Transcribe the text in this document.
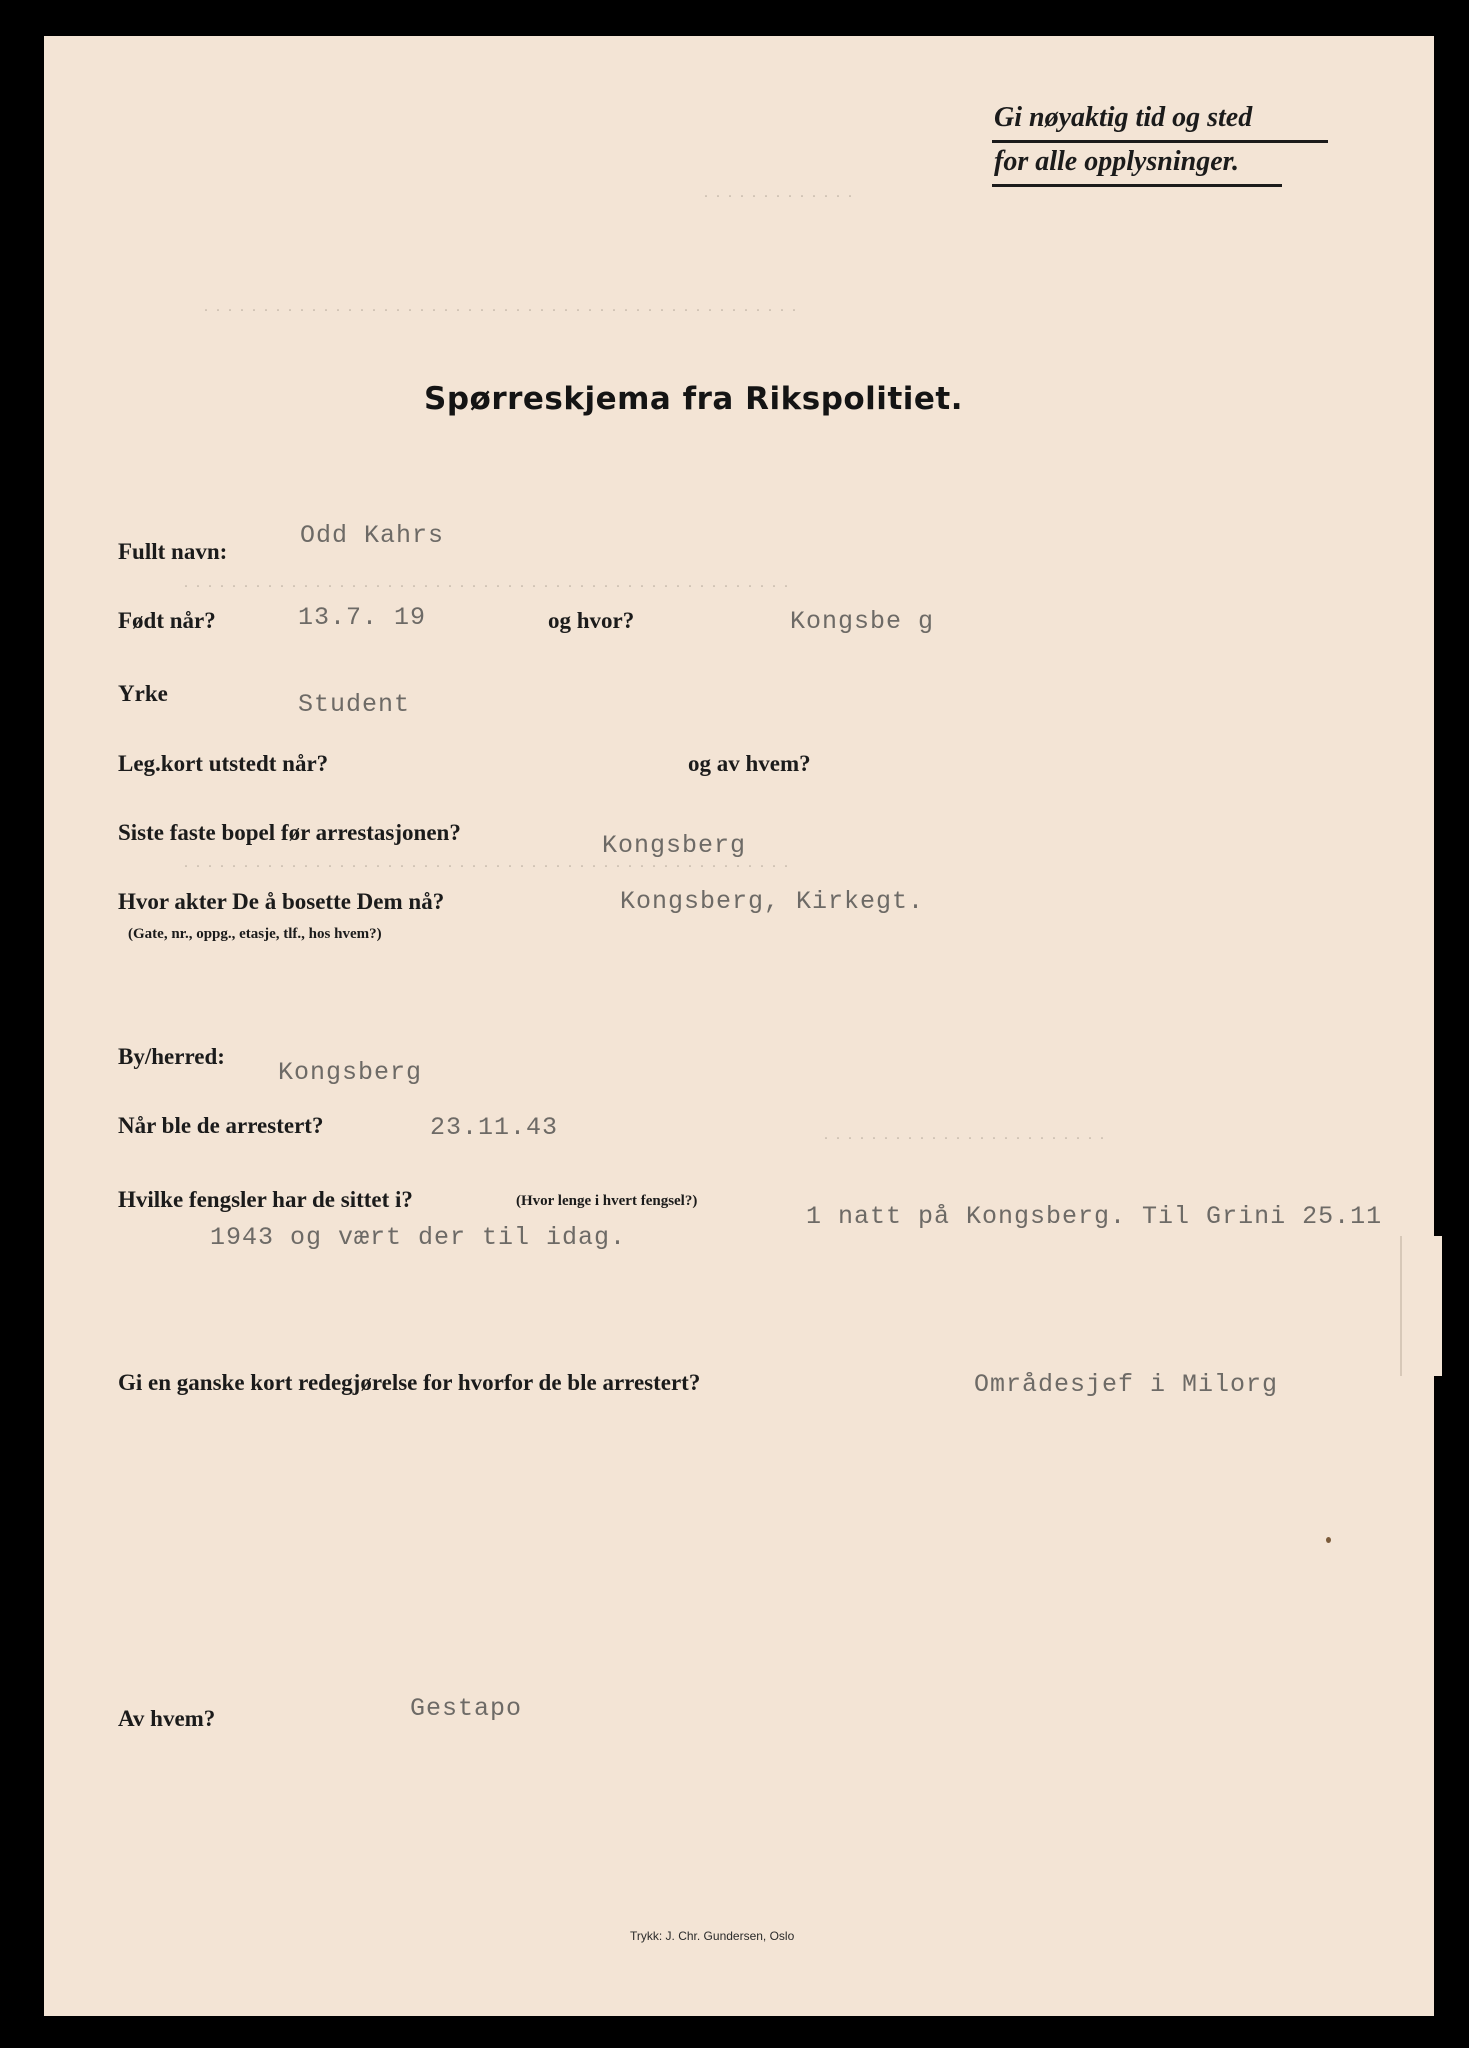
. . . . . . . . . . . . .
. . . . . . . . . . . . . . . . . . . . . . . . . . . . . . . . . . . . . . . . . . . . . . . . . .
. . . . . . . . . . . . . . . . . . . . . . . . . . . . . . . . . . . . . . . . . . . . . . . . . . .
. . . . . . . . . . . . . . . . . . . . . . . . . . . . . . . . . . . . . . . . . . . . . . . . . . .
. . . . . . . . . . . . . . . . . . . . . . . .
Gi nøyaktig tid og sted
for alle opplysninger.
Spørreskjema fra Rikspolitiet.
Fullt navn:
Odd Kahrs
Født når?	13.7. 19	og hvor?	Kongsbe g
Yrke	Student
Leg.kort utstedt når?	og av hvem?
Siste faste bopel før arrestasjonen?	Kongsberg
Hvor akter De å bosette Dem nå?	Kongsberg, Kirkegt.
(Gate, nr., oppg., etasje, tlf., hos hvem?)
By/herred:
Kongsberg
Når ble de arrestert?	23.11.43
Hvilke fengsler har de sittet i?	(Hvor lenge i hvert fengsel?)
1 natt på Kongsberg. Til Grini 25.11
1943 og vært der til idag.
Gi en ganske kort redegjørelse for hvorfor de ble arrestert?	Områdesjef i Milorg
Av hvem?	Gestapo
Trykk: J. Chr. Gundersen, Oslo
